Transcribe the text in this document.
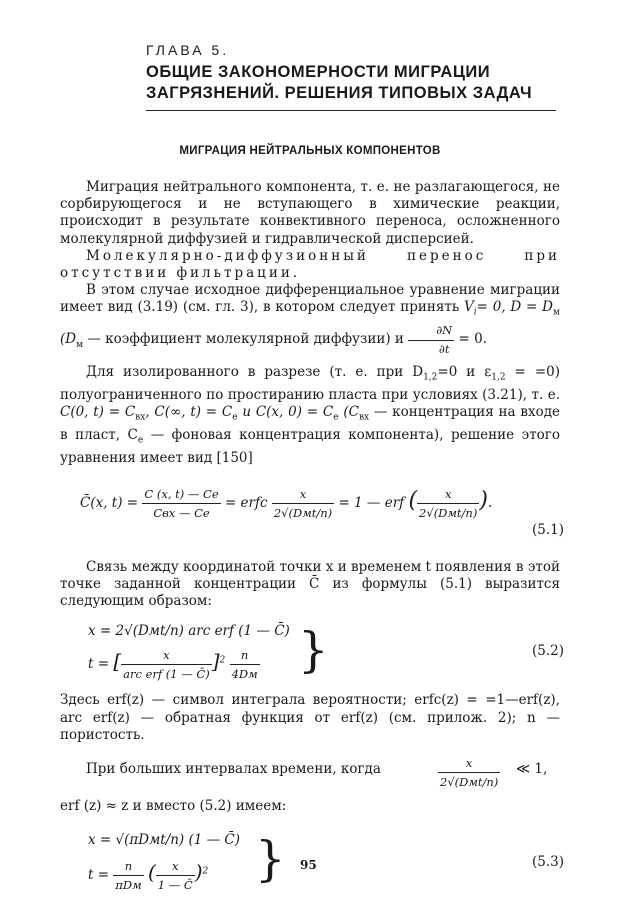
ГЛАВА 5.
ОБЩИЕ ЗАКОНОМЕРНОСТИ МИГРАЦИИ
ЗАГРЯЗНЕНИЙ. РЕШЕНИЯ ТИПОВЫХ ЗАДАЧ
МИГРАЦИЯ НЕЙТРАЛЬНЫХ КОМПОНЕНТОВ

Миграция нейтрального компонента, т. е. не разлагающегося, не сорбирующегося и не вступающего в химические реакции, происходит в результате конвективного переноса, осложненного молекулярной диффузией и гидравлической дисперсией.

Молекулярно-диффузионный перенос при отсутствии фильтрации.

В этом случае исходное дифференциальное уравнение миграции имеет вид (3.19) (см. гл. 3), в котором следует принять $V_i= 0$, $D = D_м$ ($D_м$ — коэффициент молекулярной диффузии) и $\frac{\partial N}{\partial t} = 0$.

Для изолированного в разрезе (т. е. при $D_{1,2}=0$ и $\varepsilon_{1,2} = =0$) полуограниченного по простиранию пласта при условиях (3.21), т. е. C(0, $t) = C_{вх}$, C(∞, $t) = C_е$ и C(x, $0) = C_е$ ($C_{вх}$ — концентрация на входе в пласт, $C_е$ — фоновая концентрация компонента), решение этого уравнения имеет вид [150]

C̄(x, $t) = \frac{C (x, t) — Cе}{\text{Cвх — Cе}}$ = erfc $\frac{x}{\text{2√(Dмt/n)}} = 1$ — erf ( $\frac{x}{\text{2√(Dмt/n)}}$ ).
(5.1)

Связь между координатой точки x и временем t появления в этой точке заданной концентрации C̄ из формулы (5.1) выразится следующим образом:

x = 2√(Dмt/n) arc erf (1 — C̄)
t = [ $\frac{x}{\text{arc erf (1 — C̄)}} ]^2 \frac{n}{4Dм}$ }	(5.2)

Здесь erf(z) — символ интеграла вероятности; erfc(z) = =1—erf(z), arc erf(z) — обратная функция от erf(z) (см. прилож. 2); n — пористость.

При больших интервалах времени, когда	x
2√(Dмt/n)
≪ 1,

erf (z) ≈ z и вместо (5.2) имеем:

x = √(πDмt/n) (1 — C̄)
$t = \frac{n}{\text{πDм}}$ ( $\frac{x}{1 — C̄} )^2$ }	(5.3)
95
